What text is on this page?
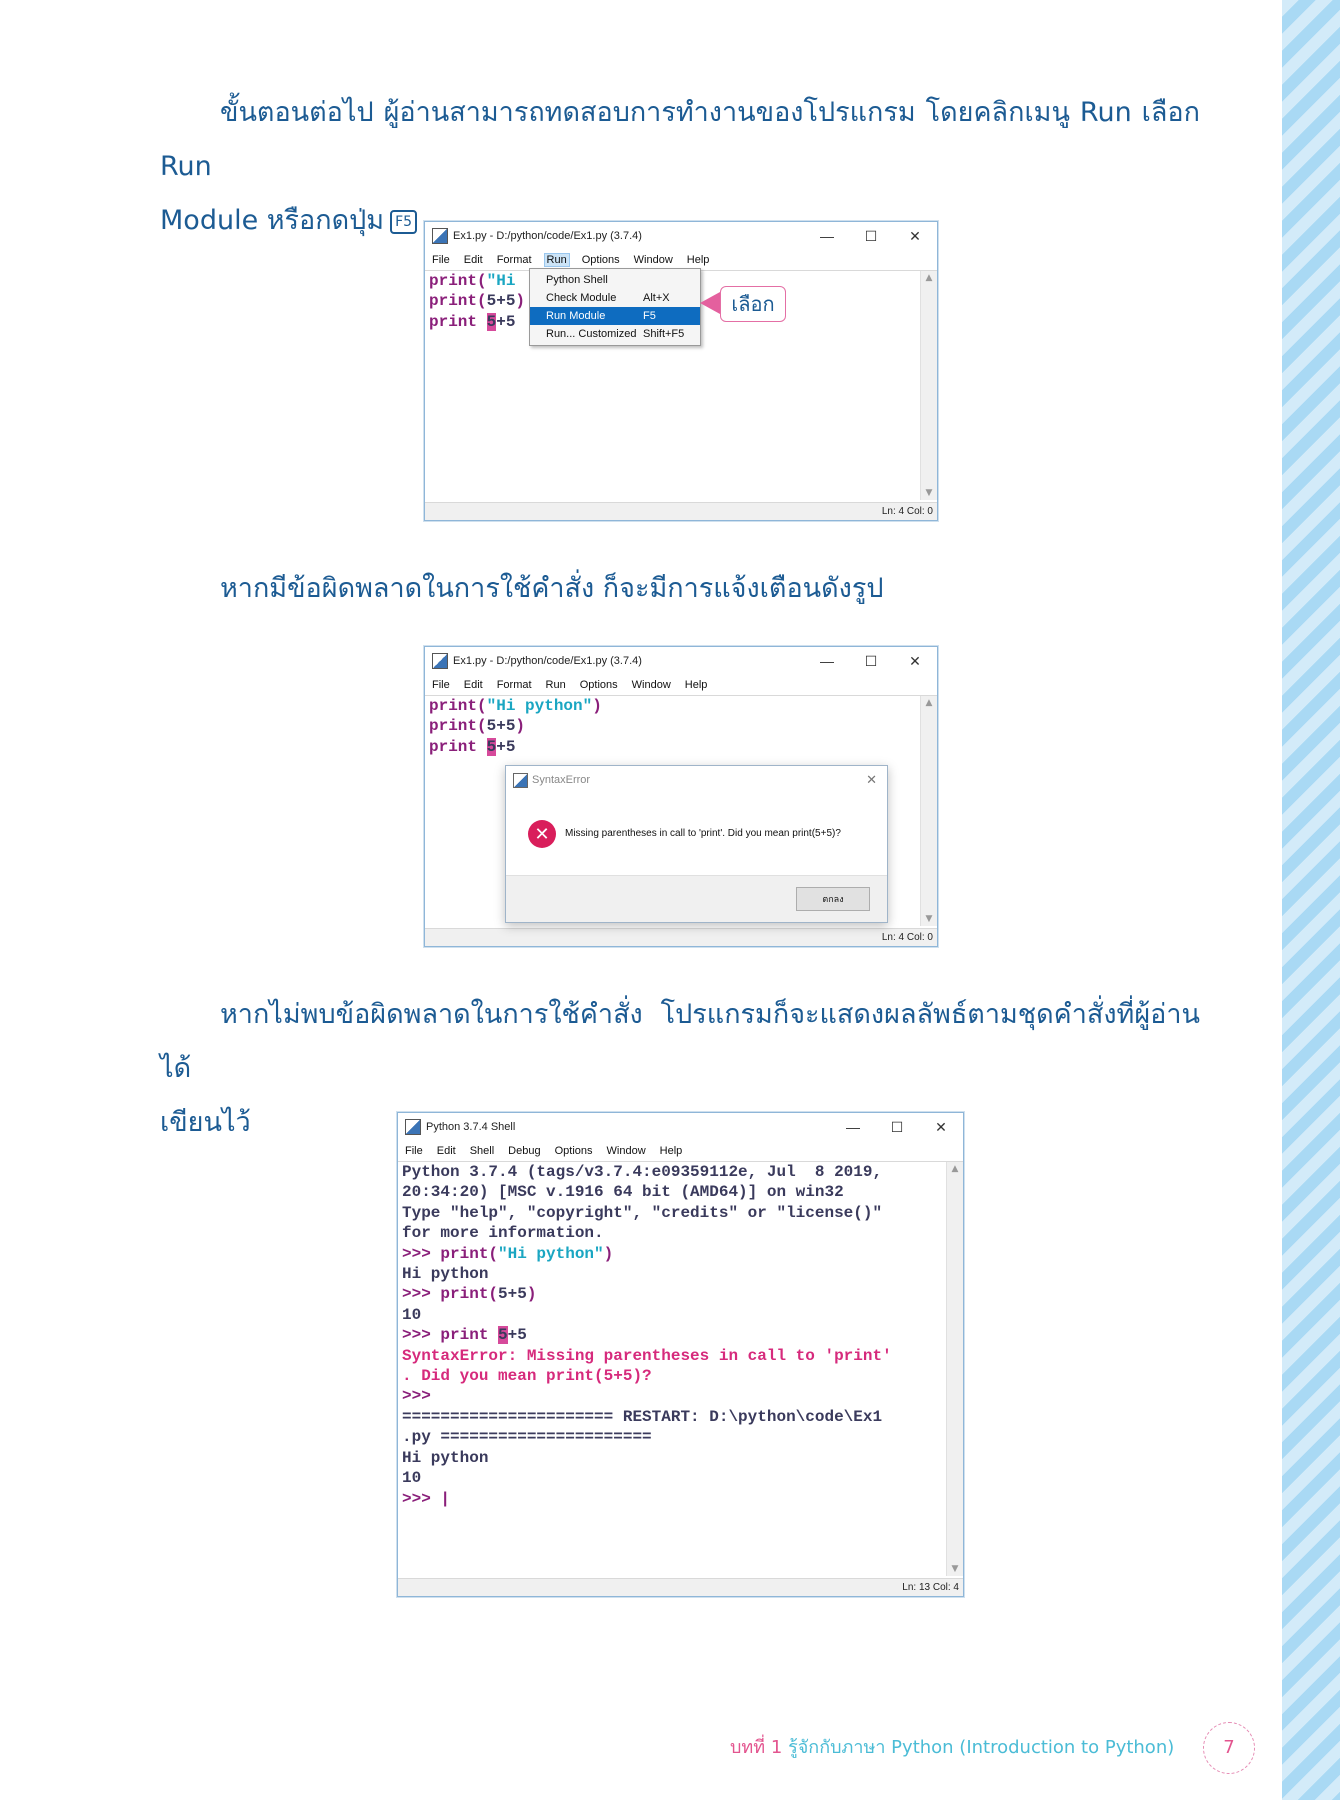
ขั้นตอนต่อไป ผู้อ่านสามารถทดสอบการทำงานของโปรแกรม โดยคลิกเมนู Run เลือก Run
Module หรือกดปุ่ม F5
Ex1.py - D:/python/code/Ex1.py (3.7.4)	—	☐	✕
File Edit Format Run Options Window Help
print("Hi
print(5+5)
print 5+5
▲
▼
Ln: 4 Col: 0
Python Shell
Check Module Alt+X
Run Module	F5
Run... Customized Shift+F5
เลือก
หากมีข้อผิดพลาดในการใช้คำสั่ง ก็จะมีการแจ้งเตือนดังรูป
Ex1.py - D:/python/code/Ex1.py (3.7.4)	—	☐	✕
File Edit Format Run Options Window Help
print("Hi python")
print(5+5)
print 5+5
▲
▼
Ln: 4 Col: 0
SyntaxError	✕
✕	Missing parentheses in call to 'print'. Did you mean print(5+5)?
ตกลง
หากไม่พบข้อผิดพลาดในการใช้คำสั่ง โปรแกรมก็จะแสดงผลลัพธ์ตามชุดคำสั่งที่ผู้อ่านได้
เขียนไว้	Python 3.7.4 Shell	—	☐	✕
File Edit Shell Debug Options Window Help
Python 3.7.4 (tags/v3.7.4:e09359112e, Jul  8 2019,
20:34:20) [MSC v.1916 64 bit (AMD64)] on win32
Type "help", "copyright", "credits" or "license()"
for more information.
>>> print("Hi python")
Hi python
>>> print(5+5)
10
>>> print 5+5
SyntaxError: Missing parentheses in call to 'print'
. Did you mean print(5+5)?
>>>
====================== RESTART: D:\python\code\Ex1
.py ======================
Hi python
10
>>> |
▲
▼
Ln: 13 Col: 4
บทที่ 1 รู้จักกับภาษา Python (Introduction to Python)	7
